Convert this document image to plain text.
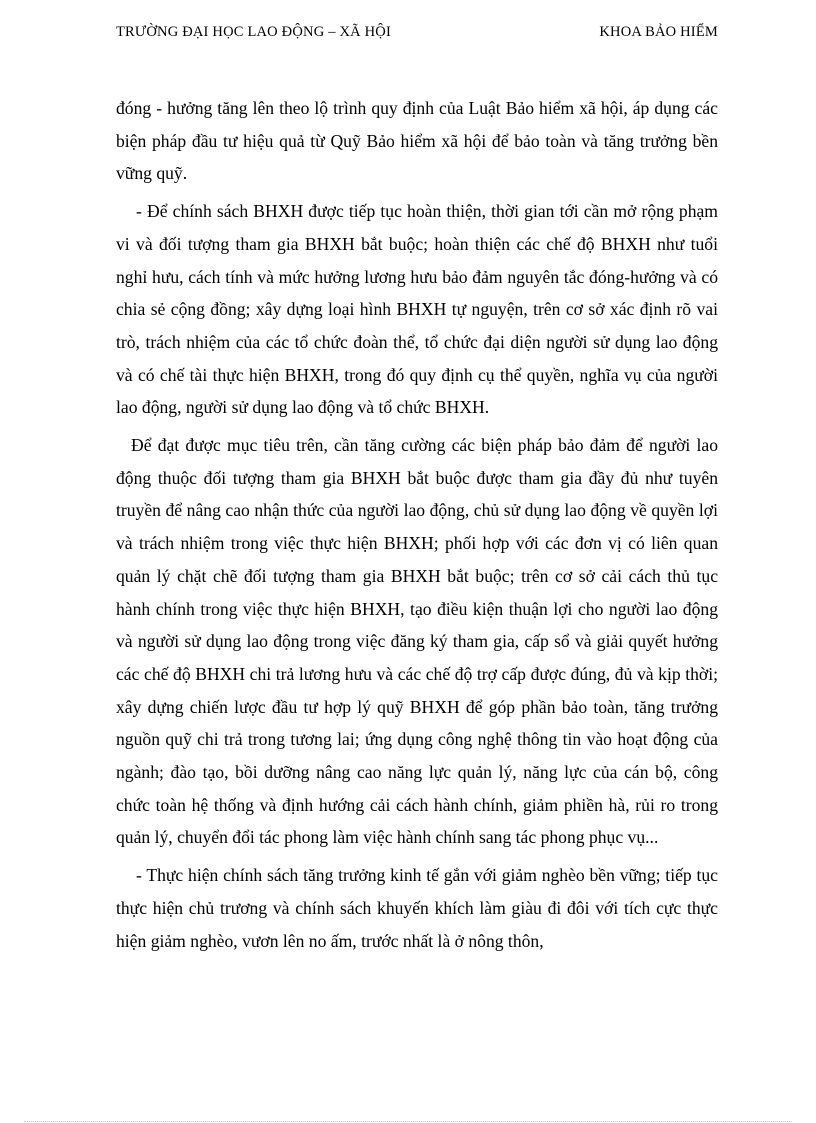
TRƯỜNG ĐẠI HỌC LAO ĐỘNG – XÃ HỘI	KHOA BẢO HIỂM

đóng - hưởng tăng lên theo lộ trình quy định của Luật Bảo hiểm xã hội, áp dụng các biện pháp đầu tư hiệu quả từ Quỹ Bảo hiểm xã hội để bảo toàn và tăng trưởng bền vững quỹ.

- Để chính sách BHXH được tiếp tục hoàn thiện, thời gian tới cần mở rộng phạm vi và đối tượng tham gia BHXH bắt buộc; hoàn thiện các chế độ BHXH như tuổi nghỉ hưu, cách tính và mức hưởng lương hưu bảo đảm nguyên tắc đóng-hưởng và có chia sẻ cộng đồng; xây dựng loại hình BHXH tự nguyện, trên cơ sở xác định rõ vai trò, trách nhiệm của các tổ chức đoàn thể, tổ chức đại diện người sử dụng lao động và có chế tài thực hiện BHXH, trong đó quy định cụ thể quyền, nghĩa vụ của người lao động, người sử dụng lao động và tổ chức BHXH.

Để đạt được mục tiêu trên, cần tăng cường các biện pháp bảo đảm để người lao động thuộc đối tượng tham gia BHXH bắt buộc được tham gia đầy đủ như tuyên truyền để nâng cao nhận thức của người lao động, chủ sử dụng lao động về quyền lợi và trách nhiệm trong việc thực hiện BHXH; phối hợp với các đơn vị có liên quan quản lý chặt chẽ đối tượng tham gia BHXH bắt buộc; trên cơ sở cải cách thủ tục hành chính trong việc thực hiện BHXH, tạo điều kiện thuận lợi cho người lao động và người sử dụng lao động trong việc đăng ký tham gia, cấp sổ và giải quyết hưởng các chế độ BHXH chi trả lương hưu và các chế độ trợ cấp được đúng, đủ và kịp thời; xây dựng chiến lược đầu tư hợp lý quỹ BHXH để góp phần bảo toàn, tăng trưởng nguồn quỹ chi trả trong tương lai; ứng dụng công nghệ thông tin vào hoạt động của ngành; đào tạo, bồi dưỡng nâng cao năng lực quản lý, năng lực của cán bộ, công chức toàn hệ thống và định hướng cải cách hành chính, giảm phiền hà, rủi ro trong quản lý, chuyển đổi tác phong làm việc hành chính sang tác phong phục vụ...

- Thực hiện chính sách tăng trưởng kinh tế gắn với giảm nghèo bền vững; tiếp tục thực hiện chủ trương và chính sách khuyến khích làm giàu đi đôi với tích cực thực hiện giảm nghèo, vươn lên no ấm, trước nhất là ở nông thôn,
